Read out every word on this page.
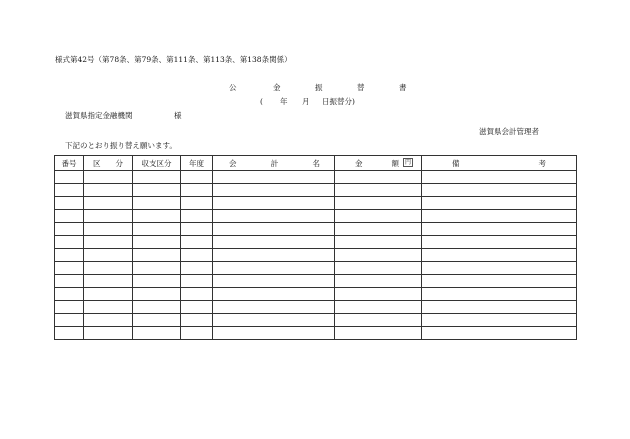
様式第42号（第78条、第79条、第111条、第113条、第138条関係）
公	金	振	替	書
( 年 月 日振替分)
滋賀県指定金融機関	様
滋賀県会計管理者
下記のとおり振り替え願います。
番号	区 分	収支区分	年度	会 計 名	金 額 円	備 考
